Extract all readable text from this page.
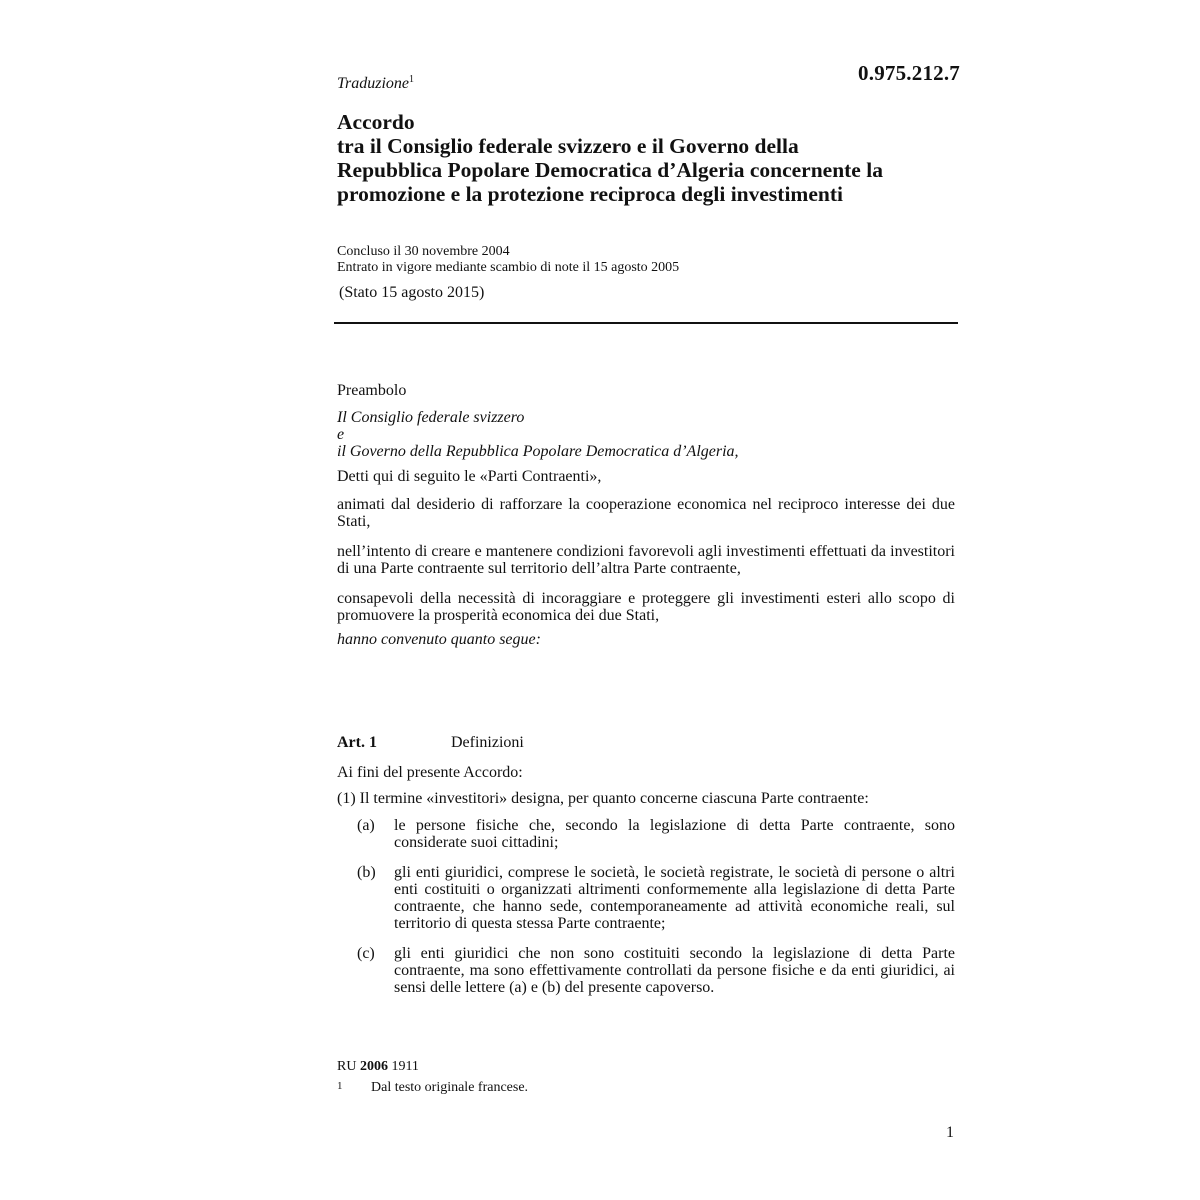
0.975.212.7
Traduzione$^1$
Accordo
tra il Consiglio federale svizzero e il Governo della
Repubblica Popolare Democratica d’Algeria concernente la
promozione e la protezione reciproca degli investimenti
Concluso il 30 novembre 2004
Entrato in vigore mediante scambio di note il 15 agosto 2005
(Stato 15 agosto 2015)

Preambolo

Il Consiglio federale svizzero
e

il Governo della Repubblica Popolare Democratica d’Algeria,

Detti qui di seguito le «Parti Contraenti»,

animati dal desiderio di rafforzare la cooperazione economica nel reciproco interesse dei due Stati,

nell’intento di creare e mantenere condizioni favorevoli agli investimenti effettuati da investitori di una Parte contraente sul territorio dell’altra Parte contraente,

consapevoli della necessità di incoraggiare e proteggere gli investimenti esteri allo scopo di promuovere la prosperità economica dei due Stati,

hanno convenuto quanto segue:

Art. 1	Definizioni
Ai fini del presente Accordo:
(1) Il termine «investitori» designa, per quanto concerne ciascuna Parte contraente:
(a)	le persone fisiche che, secondo la legislazione di detta Parte contraente, sono considerate suoi cittadini;
(b)	gli enti giuridici, comprese le società, le società registrate, le società di persone o altri enti costituiti o organizzati altrimenti conformemente alla legislazione di detta Parte contraente, che hanno sede, contemporaneamente ad attività economiche reali, sul territorio di questa stessa Parte contraente;
(c)	gli enti giuridici che non sono costituiti secondo la legislazione di detta Parte contraente, ma sono effettivamente controllati da persone fisiche e da enti giuridici, ai sensi delle lettere (a) e (b) del presente capoverso.
RU 2006 1911
1 Dal testo originale francese.
1
